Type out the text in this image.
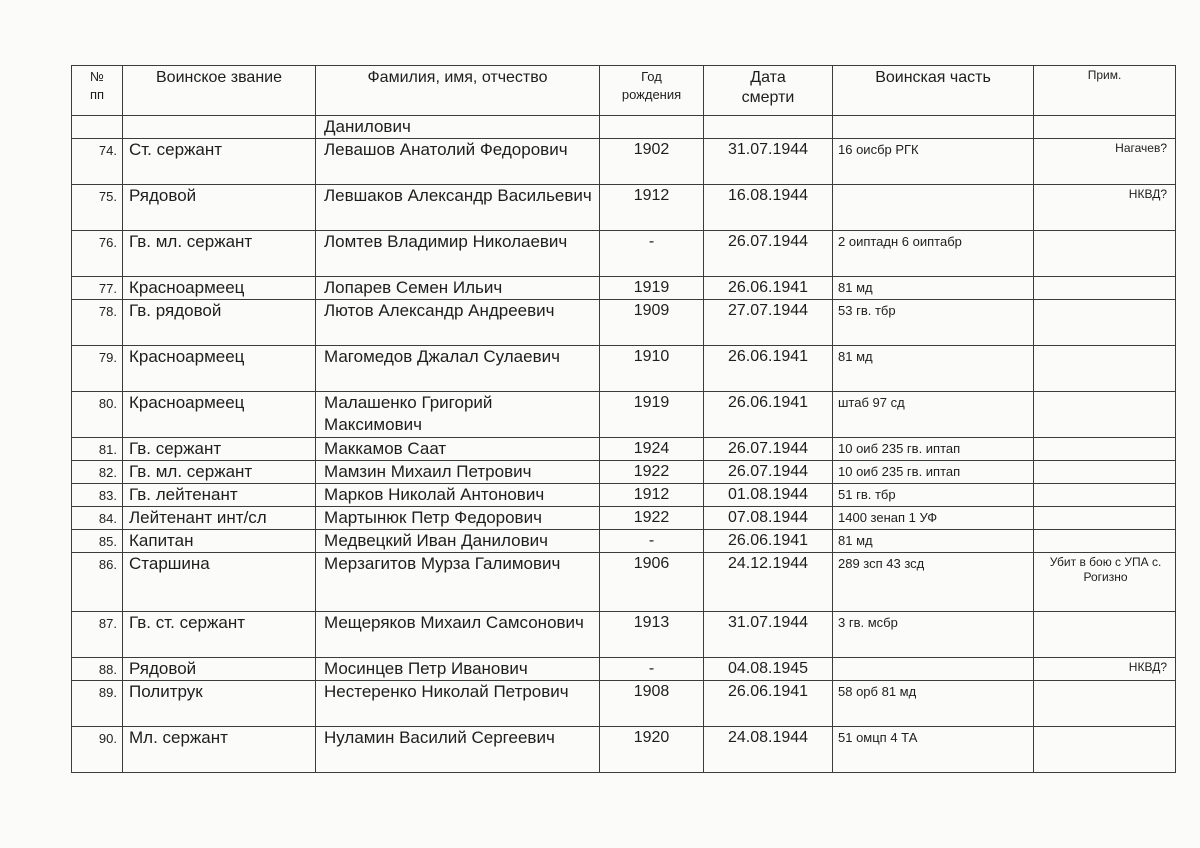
№
пп	Воинское звание	Фамилия, имя, отчество	Год
рождения	Дата
смерти	Воинская часть	Прим.
		Данилович				
74.	Ст. сержант	Левашов Анатолий Федорович	1902	31.07.1944	16 оисбр РГК	Нагачев?
75.	Рядовой	Левшаков Александр Васильевич	1912	16.08.1944		НКВД?
76.	Гв. мл. сержант	Ломтев Владимир Николаевич	-	26.07.1944	2 оиптадн 6 оиптабр	
77.	Красноармеец	Лопарев Семен Ильич	1919	26.06.1941	81 мд	
78.	Гв. рядовой	Лютов Александр Андреевич	1909	27.07.1944	53 гв. тбр	
79.	Красноармеец	Магомедов Джалал Сулаевич	1910	26.06.1941	81 мд	
80.	Красноармеец	Малашенко Григорий Максимович	1919	26.06.1941	штаб 97 сд	
81.	Гв. сержант	Маккамов Саат	1924	26.07.1944	10 оиб 235 гв. иптап	
82.	Гв. мл. сержант	Мамзин Михаил Петрович	1922	26.07.1944	10 оиб 235 гв. иптап	
83.	Гв. лейтенант	Марков Николай Антонович	1912	01.08.1944	51 гв. тбр	
84.	Лейтенант инт/сл	Мартынюк Петр Федорович	1922	07.08.1944	1400 зенап 1 УФ	
85.	Капитан	Медвецкий Иван Данилович	-	26.06.1941	81 мд	
86.	Старшина	Мерзагитов Мурза Галимович	1906	24.12.1944	289 зсп 43 зсд	Убит в бою с УПА с. Рогизно
87.	Гв. ст. сержант	Мещеряков Михаил Самсонович	1913	31.07.1944	3 гв. мсбр	
88.	Рядовой	Мосинцев Петр Иванович	-	04.08.1945		НКВД?
89.	Политрук	Нестеренко Николай Петрович	1908	26.06.1941	58 орб 81 мд	
90.	Мл. сержант	Нуламин Василий Сергеевич	1920	24.08.1944	51 омцп 4 ТА	
